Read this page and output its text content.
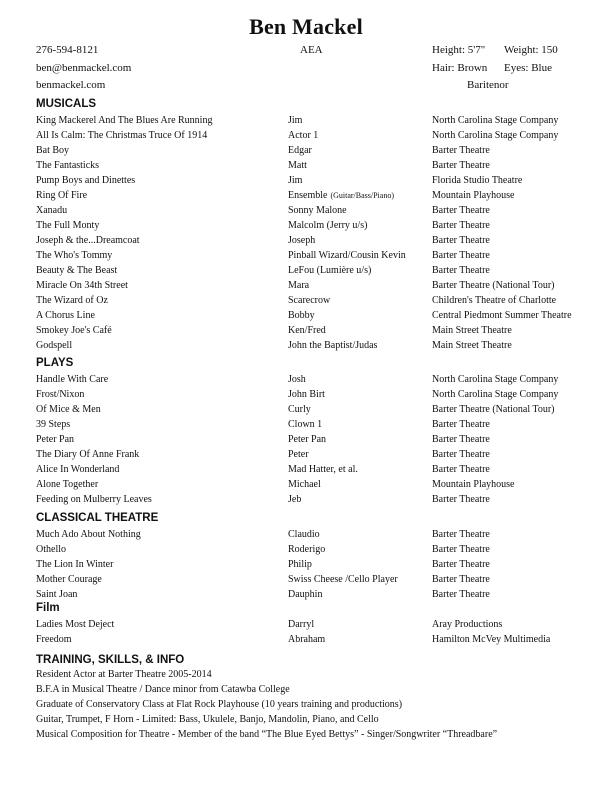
Ben Mackel
276-594-8121
ben@benmackel.com
benmackel.com
AEA	Height: 5'7" Weight: 150
Hair: Brown Eyes: Blue
Baritenor
MUSICALS
King Mackerel And The Blues Are Running	Jim	North Carolina Stage Company
All Is Calm: The Christmas Truce Of 1914	Actor 1	North Carolina Stage Company
Bat Boy	Edgar	Barter Theatre
The Fantasticks	Matt	Barter Theatre
Pump Boys and Dinettes	Jim	Florida Studio Theatre
Ring Of Fire	Ensemble (Guitar/Bass/Piano)	Mountain Playhouse
Xanadu	Sonny Malone	Barter Theatre
The Full Monty	Malcolm (Jerry u/s)	Barter Theatre
Joseph & the...Dreamcoat	Joseph	Barter Theatre
The Who's Tommy	Pinball Wizard/Cousin Kevin	Barter Theatre
Beauty & The Beast	LeFou (Lumière u/s)	Barter Theatre
Miracle On 34th Street	Mara	Barter Theatre (National Tour)
The Wizard of Oz	Scarecrow	Children's Theatre of Charlotte
A Chorus Line	Bobby	Central Piedmont Summer Theatre
Smokey Joe's Café	Ken/Fred	Main Street Theatre
Godspell	John the Baptist/Judas	Main Street Theatre
PLAYS
Handle With Care	Josh	North Carolina Stage Company
Frost/Nixon	John Birt	North Carolina Stage Company
Of Mice & Men	Curly	Barter Theatre (National Tour)
39 Steps	Clown 1	Barter Theatre
Peter Pan	Peter Pan	Barter Theatre
The Diary Of Anne Frank	Peter	Barter Theatre
Alice In Wonderland	Mad Hatter, et al.	Barter Theatre
Alone Together	Michael	Mountain Playhouse
Feeding on Mulberry Leaves	Jeb	Barter Theatre
CLASSICAL THEATRE
Much Ado About Nothing	Claudio	Barter Theatre
Othello	Roderigo	Barter Theatre
The Lion In Winter	Philip	Barter Theatre
Mother Courage	Swiss Cheese /Cello Player	Barter Theatre
Saint Joan	Dauphin	Barter Theatre
Film
Ladies Most Deject	Darryl	Aray Productions
Freedom	Abraham	Hamilton McVey Multimedia
TRAINING, SKILLS, & INFO
Resident Actor at Barter Theatre 2005-2014
B.F.A in Musical Theatre / Dance minor from Catawba College
Graduate of Conservatory Class at Flat Rock Playhouse (10 years training and productions)
Guitar, Trumpet, F Horn - Limited: Bass, Ukulele, Banjo, Mandolin, Piano, and Cello
Musical Composition for Theatre - Member of the band “The Blue Eyed Bettys” - Singer/Songwriter “Threadbare”
